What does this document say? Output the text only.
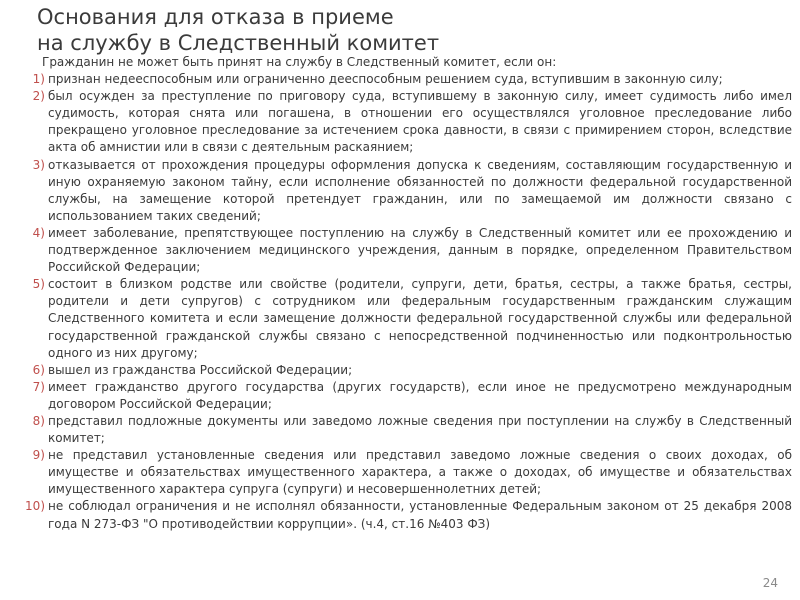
Основания для отказа в приеме
на службу в Следственный комитет

Гражданин не может быть принят на службу в Следственный комитет, если он:

1) признан недееспособным или ограниченно дееспособным решением суда, вступившим в законную силу;
2) был осужден за преступление по приговору суда, вступившему в законную силу, имеет судимость либо имел судимость, которая снята или погашена, в отношении его осуществлялся уголовное преследование либо прекращено уголовное преследование за истечением срока давности, в связи с примирением сторон, вследствие акта об амнистии или в связи с деятельным раскаянием;
3) отказывается от прохождения процедуры оформления допуска к сведениям, составляющим государственную и иную охраняемую законом тайну, если исполнение обязанностей по должности федеральной государственной службы, на замещение которой претендует гражданин, или по замещаемой им должности связано с использованием таких сведений;
4) имеет заболевание, препятствующее поступлению на службу в Следственный комитет или ее прохождению и подтвержденное заключением медицинского учреждения, данным в порядке, определенном Правительством Российской Федерации;
5) состоит в близком родстве или свойстве (родители, супруги, дети, братья, сестры, а также братья, сестры, родители и дети супругов) с сотрудником или федеральным государственным гражданским служащим Следственного комитета и если замещение должности федеральной государственной службы или федеральной государственной гражданской службы связано с непосредственной подчиненностью или подконтрольностью одного из них другому;
6) вышел из гражданства Российской Федерации;
7) имеет гражданство другого государства (других государств), если иное не предусмотрено международным договором Российской Федерации;
8) представил подложные документы или заведомо ложные сведения при поступлении на службу в Следственный комитет;
9) не представил установленные сведения или представил заведомо ложные сведения о своих доходах, об имуществе и обязательствах имущественного характера, а также о доходах, об имуществе и обязательствах имущественного характера супруга (супруги) и несовершеннолетних детей;
10) не соблюдал ограничения и не исполнял обязанности, установленные Федеральным законом от 25 декабря 2008 года N 273-ФЗ "О противодействии коррупции». (ч.4, ст.16 №403 ФЗ)
24
